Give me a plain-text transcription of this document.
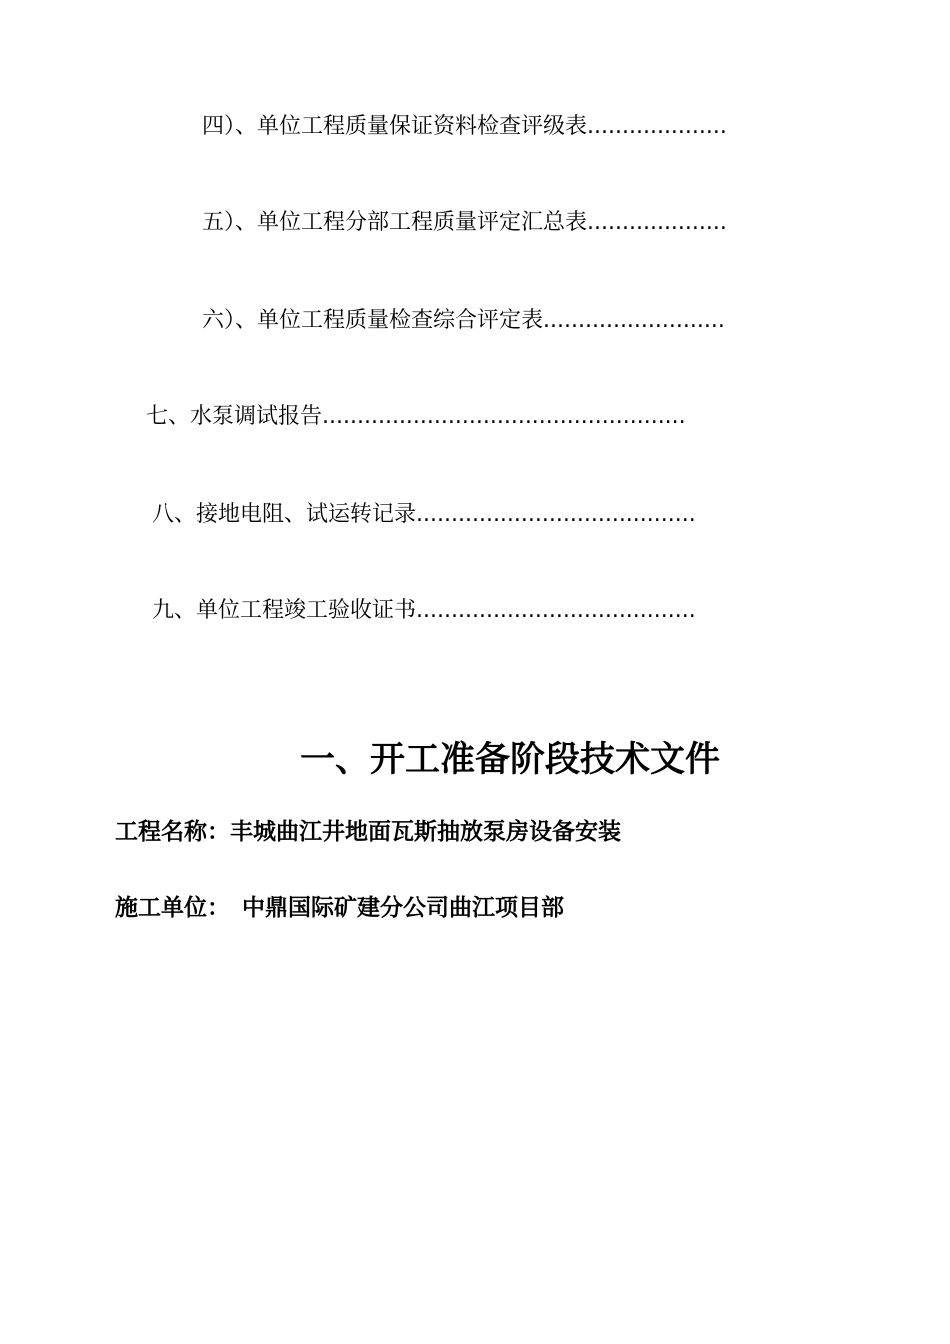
四）、单位工程质量保证资料检查评级表....................
五）、单位工程分部工程质量评定汇总表....................
六）、单位工程质量检查综合评定表..........................
七、水泵调试报告....................................................
八、接地电阻、试运转记录........................................
九、单位工程竣工验收证书........................................
一、开工准备阶段技术文件
工程名称：丰城曲江井地面瓦斯抽放泵房设备安装
施工单位： 中鼎国际矿建分公司曲江项目部
